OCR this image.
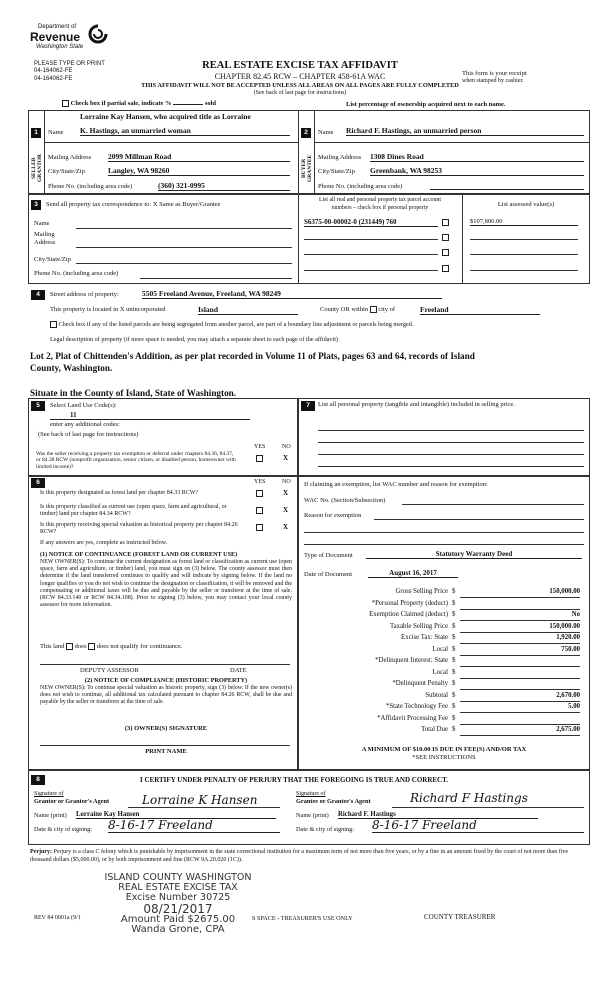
Department of
Revenue
Washington State
PLEASE TYPE OR PRINT
04-164062-FE
04-164062-FE
REAL ESTATE EXCISE TAX AFFIDAVIT
CHAPTER 82.45 RCW – CHAPTER 458-61A WAC
THIS AFFIDAVIT WILL NOT BE ACCEPTED UNLESS ALL AREAS ON ALL PAGES ARE FULLY COMPLETED
(See back of last page for instructions)
This form is your receipt
when stamped by cashier.
Check box if partial sale, indicate %	sold	List percentage of ownership acquired next to each name.
1
SELLER GRANTOR
Name
Lorraine Kay Hansen, who acquired title as Lorraine
K. Hastings, an unmarried woman
Mailing Address 2099 Millman Road
City/State/Zip	Langley, WA 98260
Phone No. (including area code)	(360) 321-0995
2
BUYER GRANTEE
Name Richard F. Hastings, an unmarried person
Mailing Address 1308 Dines Road
City/State/Zip Greenbank, WA 98253
Phone No. (including area code)
3	Send all property tax correspondence to: X Same as Buyer/Grantee
Name
Mailing
Address
City/State/Zip
Phone No. (including area code)
List all real and personal property tax parcel account
numbers – check box if personal property
S6375-00-00002-0 (231449) 760
List assessed value(s)
$107,806.00
4	Street address of property:	5505 Freeland Avenue, Freeland, WA 98249
This property is located in X unincorporated	Island	County OR within city of	Freeland
Check box if any of the listed parcels are being segregated from another parcel, are part of a boundary line adjustment or parcels being merged.
Legal description of property (if more space is needed, you may attach a separate sheet to each page of the affidavit)
Lot 2, Plat of Chittenden's Addition, as per plat recorded in Volume 11 of Plats, pages 63 and 64, records of Island
County, Washington.
Situate in the County of Island, State of Washington.
5	Select Land Use Code(s):
11
enter any additional codes:
(See back of last page for instructions)
YES	NO
Was the seller receiving a property tax exemption or deferral under chapters 84.36, 84.37, or 84.38 RCW (nonprofit organization, senior citizen, or disabled person, homeowner with limited income)?
X
7	List all personal property (tangible and intangible) included in selling price.
6	YES	NO
Is this property designated as forest land per chapter 84.33 RCW?	X
Is this property classified as current use (open space, farm and agricultural, or timber) land per chapter 84.34 RCW?	X
Is this property receiving special valuation as historical property per chapter 84.26 RCW?
X
If any answers are yes, complete as instructed below.
(1) NOTICE OF CONTINUANCE (FOREST LAND OR CURRENT USE)
NEW OWNER(S): To continue the current designation as forest land or classification as current use (open space, farm and agriculture, or timber) land, you must sign on (3) below. The county assessor must then determine if the land transferred continues to qualify and will indicate by signing below. If the land no longer qualifies or you do not wish to continue the designation or classification, it will be removed and the compensating or additional taxes will be due and payable by the seller or transferor at the time of sale. (RCW 84.33.140 or RCW 84.34.108). Prior to signing (3) below, you may contact your local county assessor for more information.
This land does does not qualify for continuance.
DEPUTY ASSESSOR	DATE
(2) NOTICE OF COMPLIANCE (HISTORIC PROPERTY)
NEW OWNER(S): To continue special valuation as historic property, sign (3) below. If the new owner(s) does not wish to continue, all additional tax calculated pursuant to chapter 84.26 RCW, shall be due and payable by the seller or transferor at the time of sale.
(3) OWNER(S) SIGNATURE
PRINT NAME
If claiming an exemption, list WAC number and reason for exemption:
WAC No. (Section/Subsection)
Reason for exemption
Type of Document	Statutory Warranty Deed
Date of Document	August 16, 2017
Gross Selling Price $	150,000.00
*Personal Property (deduct) $
Exemption Claimed (deduct) $	No
Taxable Selling Price $	150,000.00
Excise Tax: State $	1,920.00
Local $	750.00
*Delinquent Interest: State $
Local $
*Delinquent Penalty $
Subtotal $	2,670.00
*State Technology Fee $	5.00
*Affidavit Processing Fee $
Total Due $	2,675.00
A MINIMUM OF $10.00 IS DUE IN FEE(S) AND/OR TAX
*SEE INSTRUCTIONS
8	I CERTIFY UNDER PENALTY OF PERJURY THAT THE FOREGOING IS TRUE AND CORRECT.
Signature of
Grantor or Grantor's Agent	Lorraine K Hansen
Name (print) Lorraine Kay Hansen
Date & city of signing: 8-16-17 Freeland
Signature of
Grantee or Grantee's Agent	Richard F Hastings
Name (print) Richard F. Hastings
Date & city of signing: 8-16-17 Freeland
Perjury: Perjury is a class C felony which is punishable by imprisonment in the state correctional institution for a maximum term of not more than five years, or by a fine in an amount fixed by the court of not more than five thousand dollars ($5,000.00), or by both imprisonment and fine (RCW 9A.20.020 (1C)).
ISLAND COUNTY WASHINGTON
REAL ESTATE EXCISE TAX
Excise Number 30725
08/21/2017
Amount Paid $2675.00
Wanda Grone, CPA
REV 84 0001a (9/1	S SPACE - TREASURER'S USE ONLY	COUNTY TREASURER
